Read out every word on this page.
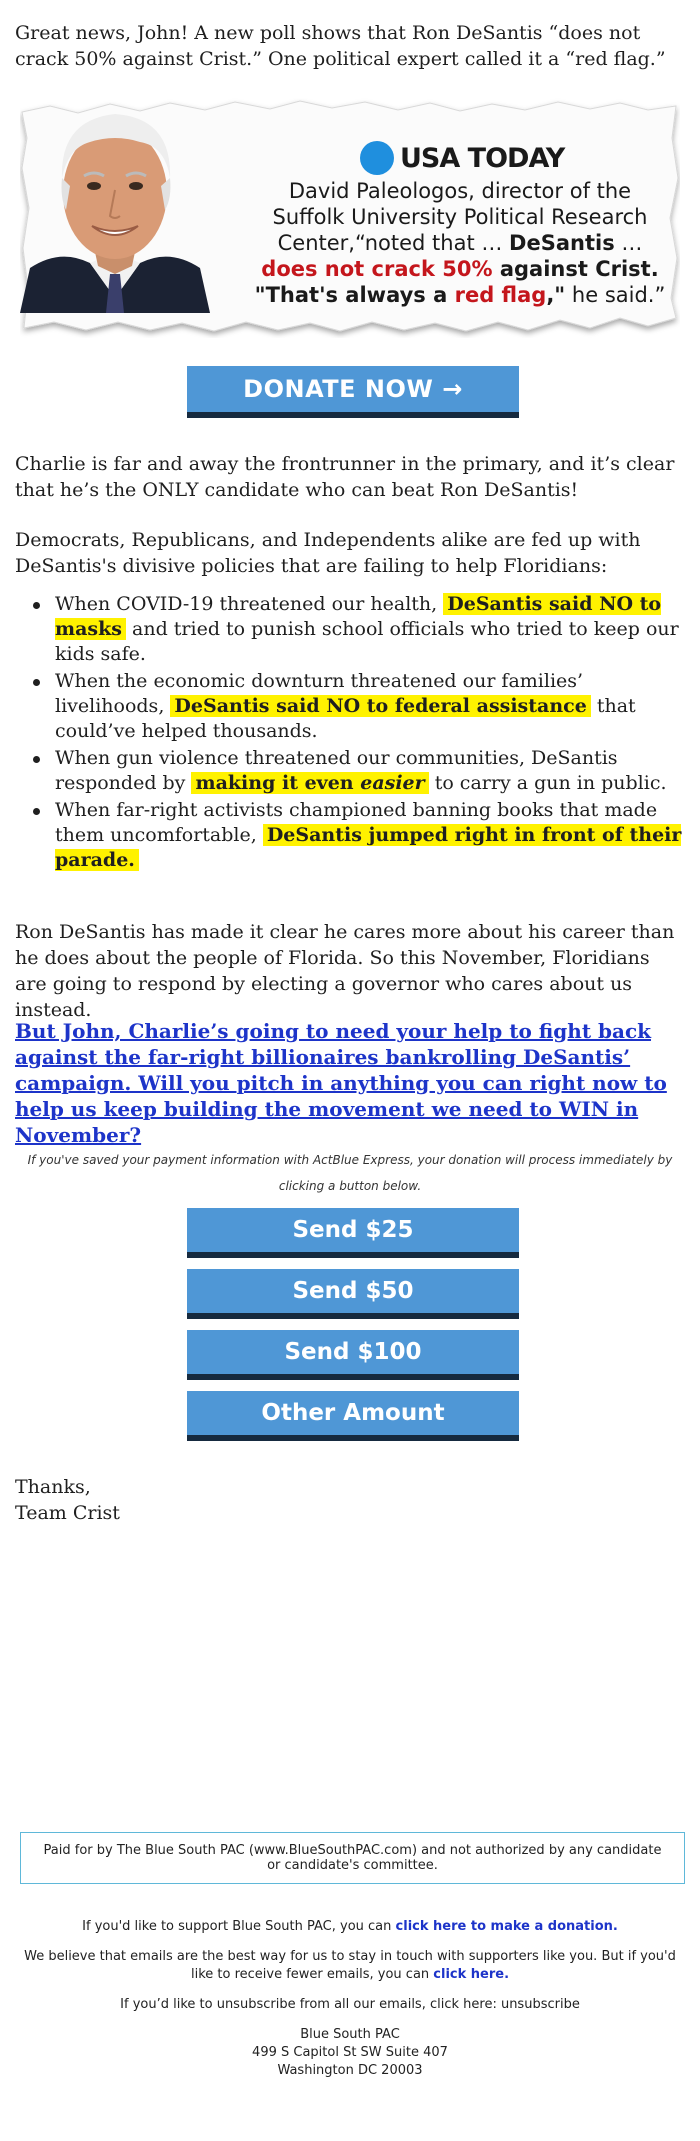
Great news, John! A new poll shows that Ron DeSantis “does not crack 50% against Crist.” One political expert called it a “red flag.”

USA TODAY
David Paleologos, director of the
Suffolk University Political Research
Center,“noted that … DeSantis …
does not crack 50% against Crist.
"That's always a red flag," he said.”
DONATE NOW →

Charlie is far and away the frontrunner in the primary, and it’s clear that he’s the ONLY candidate who can beat Ron DeSantis!

Democrats, Republicans, and Independents alike are fed up with DeSantis's divisive policies that are failing to help Floridians:

When COVID-19 threatened our health, DeSantis said NO to masks and tried to punish school officials who tried to keep our kids safe.
When the economic downturn threatened our families’ livelihoods, DeSantis said NO to federal assistance that could’ve helped thousands.
When gun violence threatened our communities, DeSantis responded by making it even easier to carry a gun in public.
When far-right activists championed banning books that made them uncomfortable, DeSantis jumped right in front of their parade.

Ron DeSantis has made it clear he cares more about his career than he does about the people of Florida. So this November, Floridians are going to respond by electing a governor who cares about us instead.

But John, Charlie’s going to need your help to fight back against the far-right billionaires bankrolling DeSantis’ campaign. Will you pitch in anything you can right now to help us keep building the movement we need to WIN in November?
If you've saved your payment information with ActBlue Express, your donation will process immediately by clicking a button below.
Send $25
Send $50
Send $100
Other Amount

Thanks,

Team Crist

Paid for by The Blue South PAC (www.BlueSouthPAC.com) and not authorized by any candidate or candidate's committee.
If you'd like to support Blue South PAC, you can click here to make a donation.
We believe that emails are the best way for us to stay in touch with supporters like you. But if you'd like to receive fewer emails, you can click here.
If you’d like to unsubscribe from all our emails, click here: unsubscribe
Blue South PAC
499 S Capitol St SW Suite 407
Washington DC 20003
